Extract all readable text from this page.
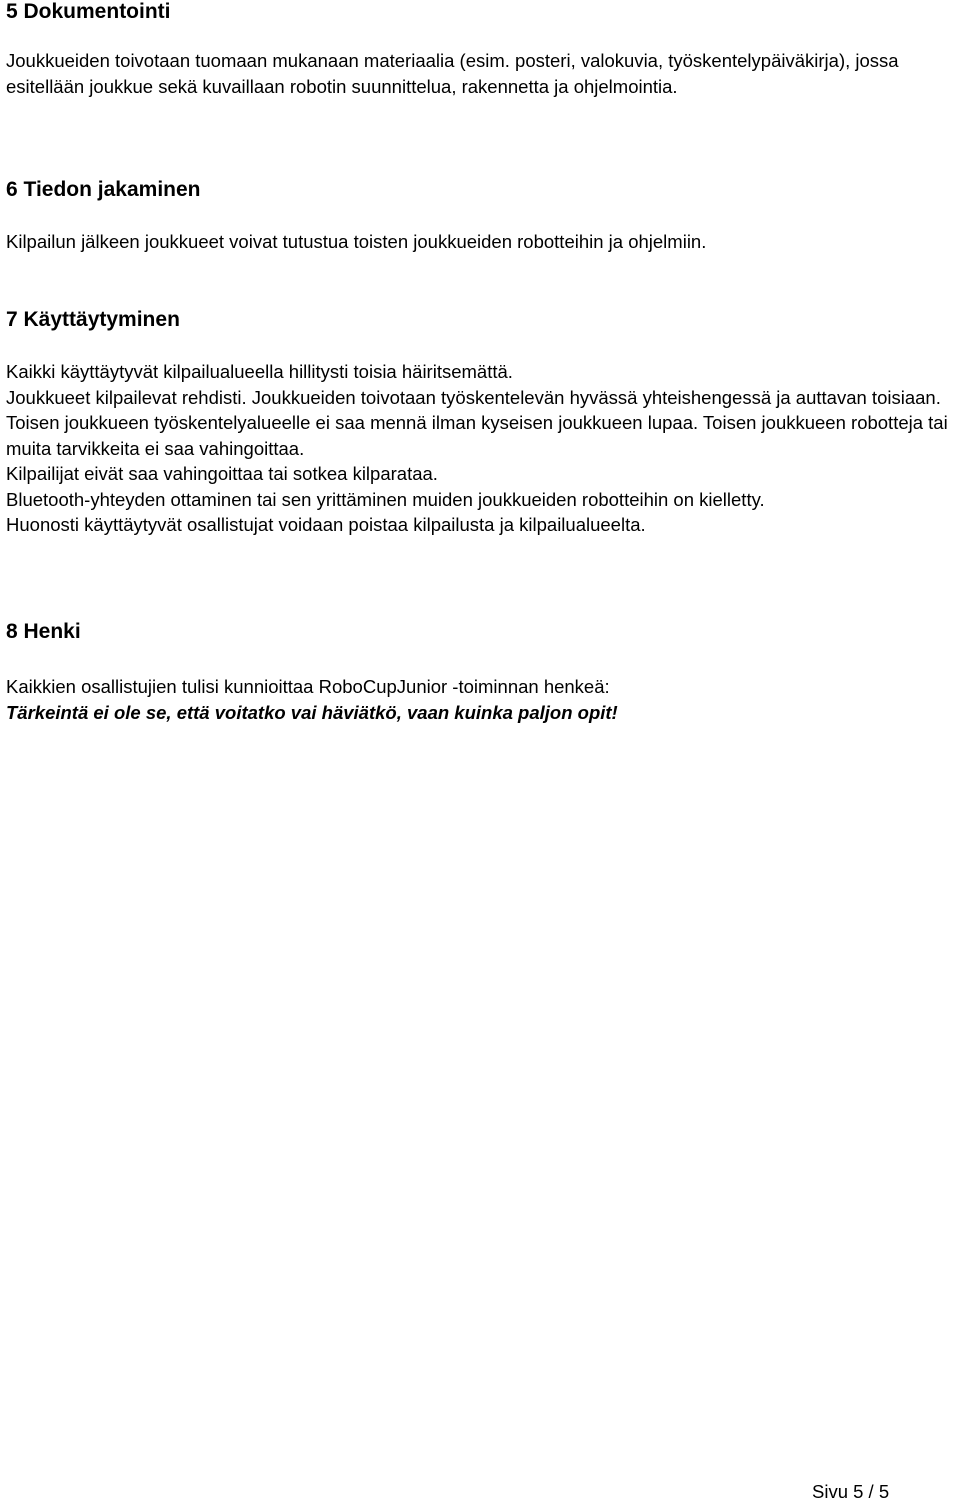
5 Dokumentointi
Joukkueiden toivotaan tuomaan mukanaan materiaalia (esim. posteri, valokuvia, työskentelypäiväkirja), jossa esitellään joukkue sekä kuvaillaan robotin suunnittelua, rakennetta ja ohjelmointia.
6 Tiedon jakaminen
Kilpailun jälkeen joukkueet voivat tutustua toisten joukkueiden robotteihin ja ohjelmiin.
7 Käyttäytyminen
Kaikki käyttäytyvät kilpailualueella hillitysti toisia häiritsemättä.
Joukkueet kilpailevat rehdisti. Joukkueiden toivotaan työskentelevän hyvässä yhteishengessä ja auttavan toisiaan.
Toisen joukkueen työskentelyalueelle ei saa mennä ilman kyseisen joukkueen lupaa. Toisen joukkueen robotteja tai muita tarvikkeita ei saa vahingoittaa.
Kilpailijat eivät saa vahingoittaa tai sotkea kilparataa.
Bluetooth-yhteyden ottaminen tai sen yrittäminen muiden joukkueiden robotteihin on kielletty.
Huonosti käyttäytyvät osallistujat voidaan poistaa kilpailusta ja kilpailualueelta.
8 Henki
Kaikkien osallistujien tulisi kunnioittaa RoboCupJunior -toiminnan henkeä:
Tärkeintä ei ole se, että voitatko vai häviätkö, vaan kuinka paljon opit!
Sivu 5 / 5
